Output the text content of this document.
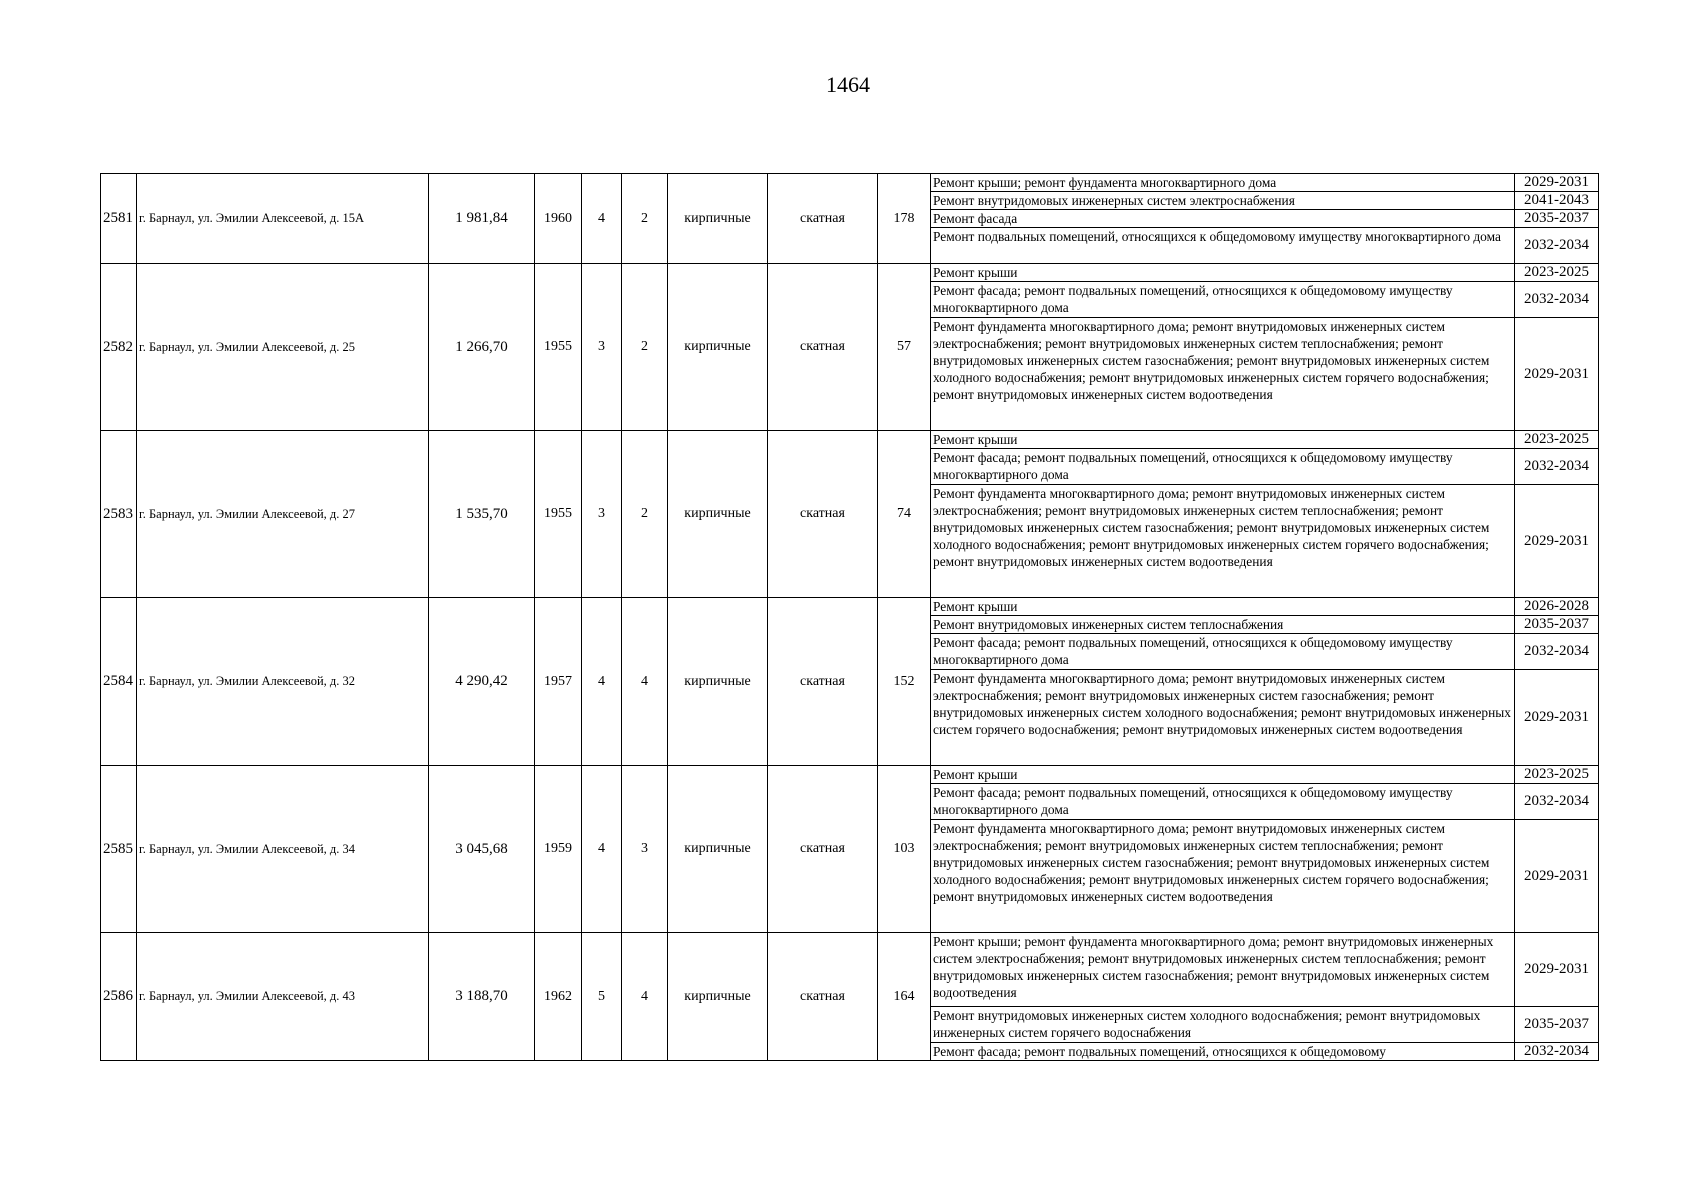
1464
2581	г. Барнаул, ул. Эмилии Алексеевой, д. 15А	1 981,84	1960	4	2	кирпичные	скатная	178	Ремонт крыши; ремонт фундамента многоквартирного дома	2029-2031
									Ремонт внутридомовых инженерных систем электроснабжения	2041-2043
									Ремонт фасада	2035-2037
									Ремонт подвальных помещений, относящихся к общедомовому имуществу многоквартирного дома	2032-2034
2582	г. Барнаул, ул. Эмилии Алексеевой, д. 25	1 266,70	1955	3	2	кирпичные	скатная	57	Ремонт крыши	2023-2025
									Ремонт фасада; ремонт подвальных помещений, относящихся к общедомовому имуществу многоквартирного дома	2032-2034
									Ремонт фундамента многоквартирного дома; ремонт внутридомовых инженерных систем электроснабжения; ремонт внутридомовых инженерных систем теплоснабжения; ремонт внутридомовых инженерных систем газоснабжения; ремонт внутридомовых инженерных систем холодного водоснабжения; ремонт внутридомовых инженерных систем горячего водоснабжения; ремонт внутридомовых инженерных систем водоотведения	2029-2031
2583	г. Барнаул, ул. Эмилии Алексеевой, д. 27	1 535,70	1955	3	2	кирпичные	скатная	74	Ремонт крыши	2023-2025
									Ремонт фасада; ремонт подвальных помещений, относящихся к общедомовому имуществу многоквартирного дома	2032-2034
									Ремонт фундамента многоквартирного дома; ремонт внутридомовых инженерных систем электроснабжения; ремонт внутридомовых инженерных систем теплоснабжения; ремонт внутридомовых инженерных систем газоснабжения; ремонт внутридомовых инженерных систем холодного водоснабжения; ремонт внутридомовых инженерных систем горячего водоснабжения; ремонт внутридомовых инженерных систем водоотведения	2029-2031
2584	г. Барнаул, ул. Эмилии Алексеевой, д. 32	4 290,42	1957	4	4	кирпичные	скатная	152	Ремонт крыши	2026-2028
									Ремонт внутридомовых инженерных систем теплоснабжения	2035-2037
									Ремонт фасада; ремонт подвальных помещений, относящихся к общедомовому имуществу многоквартирного дома	2032-2034
									Ремонт фундамента многоквартирного дома; ремонт внутридомовых инженерных систем электроснабжения; ремонт внутридомовых инженерных систем газоснабжения; ремонт внутридомовых инженерных систем холодного водоснабжения; ремонт внутридомовых инженерных систем горячего водоснабжения; ремонт внутридомовых инженерных систем водоотведения	2029-2031
2585	г. Барнаул, ул. Эмилии Алексеевой, д. 34	3 045,68	1959	4	3	кирпичные	скатная	103	Ремонт крыши	2023-2025
									Ремонт фасада; ремонт подвальных помещений, относящихся к общедомовому имуществу многоквартирного дома	2032-2034
									Ремонт фундамента многоквартирного дома; ремонт внутридомовых инженерных систем электроснабжения; ремонт внутридомовых инженерных систем теплоснабжения; ремонт внутридомовых инженерных систем газоснабжения; ремонт внутридомовых инженерных систем холодного водоснабжения; ремонт внутридомовых инженерных систем горячего водоснабжения; ремонт внутридомовых инженерных систем водоотведения	2029-2031
2586	г. Барнаул, ул. Эмилии Алексеевой, д. 43	3 188,70	1962	5	4	кирпичные	скатная	164	Ремонт крыши; ремонт фундамента многоквартирного дома; ремонт внутридомовых инженерных систем электроснабжения; ремонт внутридомовых инженерных систем теплоснабжения; ремонт внутридомовых инженерных систем газоснабжения; ремонт внутридомовых инженерных систем водоотведения	2029-2031
									Ремонт внутридомовых инженерных систем холодного водоснабжения; ремонт внутридомовых инженерных систем горячего водоснабжения	2035-2037
									Ремонт фасада; ремонт подвальных помещений, относящихся к общедомовому	2032-2034
